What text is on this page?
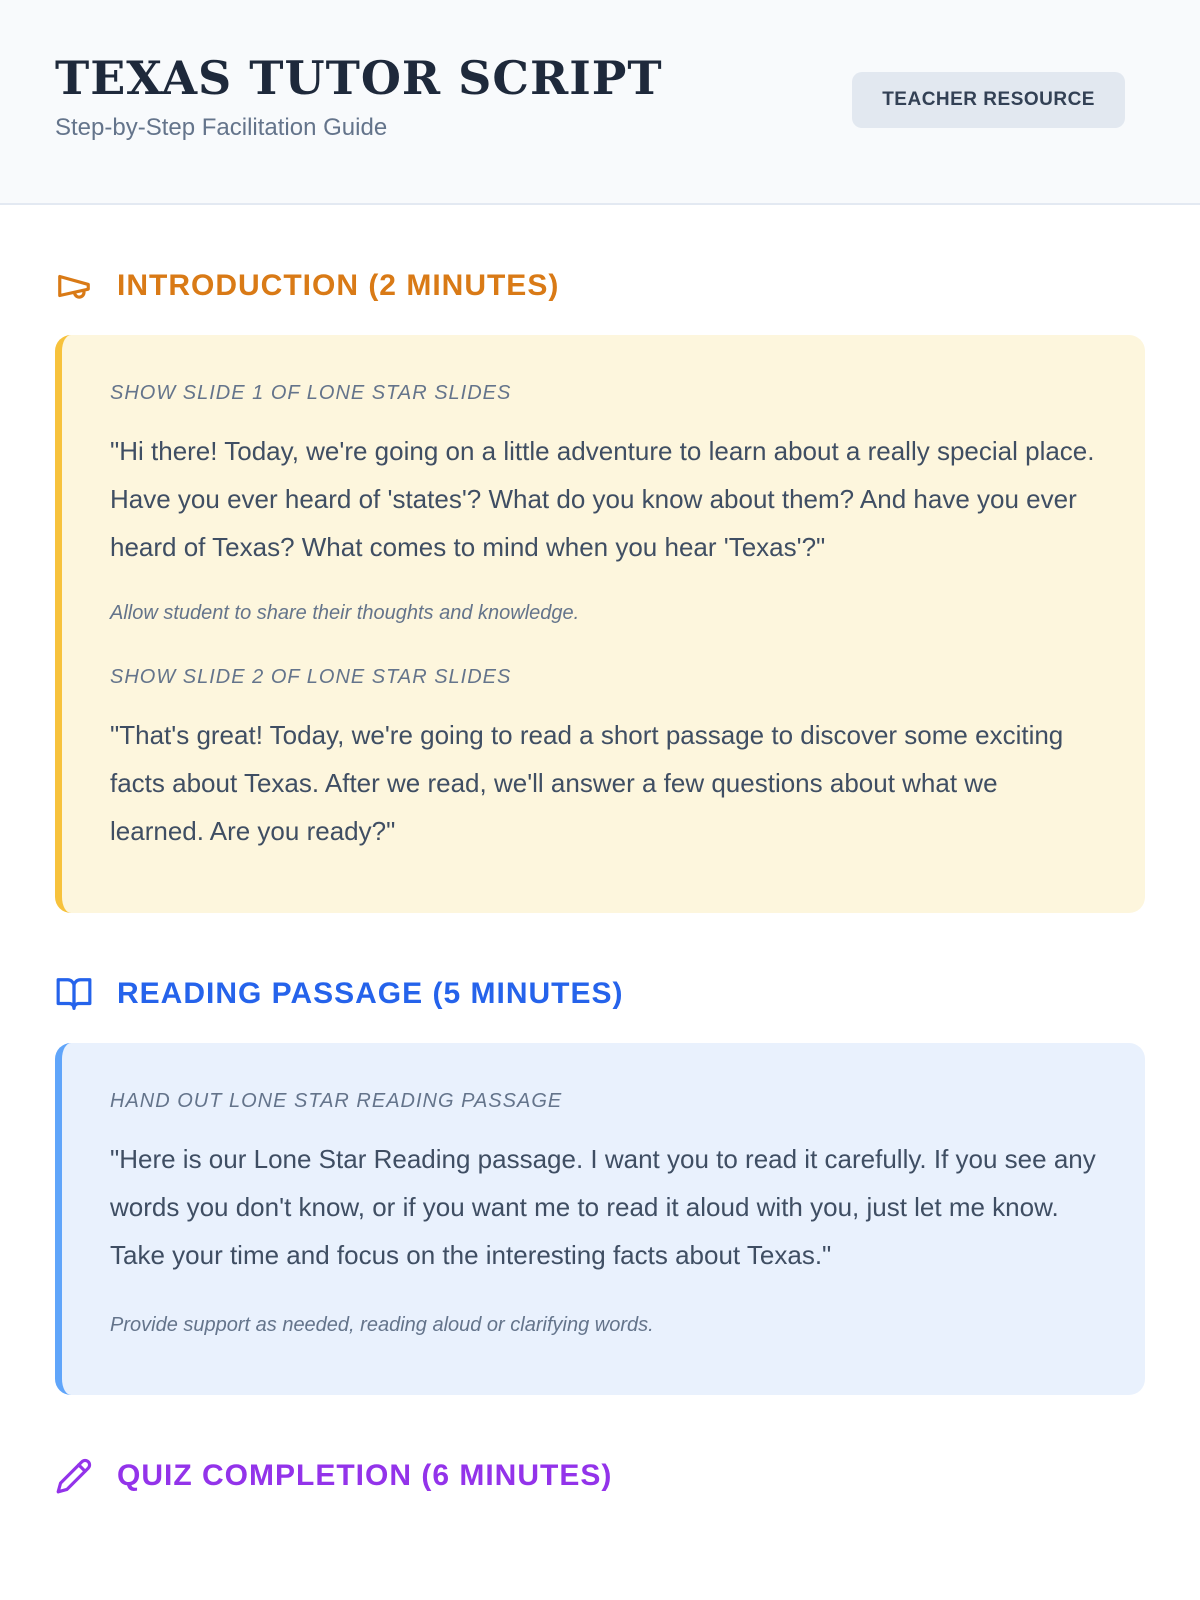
TEXAS TUTOR SCRIPT
Step-by-Step Facilitation Guide
TEACHER RESOURCE
INTRODUCTION (2 MINUTES)

SHOW SLIDE 1 OF LONE STAR SLIDES

"Hi there! Today, we're going on a little adventure to learn about a really special place. Have you ever heard of 'states'? What do you know about them? And have you ever heard of Texas? What comes to mind when you hear 'Texas'?"

Allow student to share their thoughts and knowledge.

SHOW SLIDE 2 OF LONE STAR SLIDES

"That's great! Today, we're going to read a short passage to discover some exciting facts about Texas. After we read, we'll answer a few questions about what we learned. Are you ready?"

READING PASSAGE (5 MINUTES)

HAND OUT LONE STAR READING PASSAGE

"Here is our Lone Star Reading passage. I want you to read it carefully. If you see any words you don't know, or if you want me to read it aloud with you, just let me know. Take your time and focus on the interesting facts about Texas."

Provide support as needed, reading aloud or clarifying words.

QUIZ COMPLETION (6 MINUTES)
